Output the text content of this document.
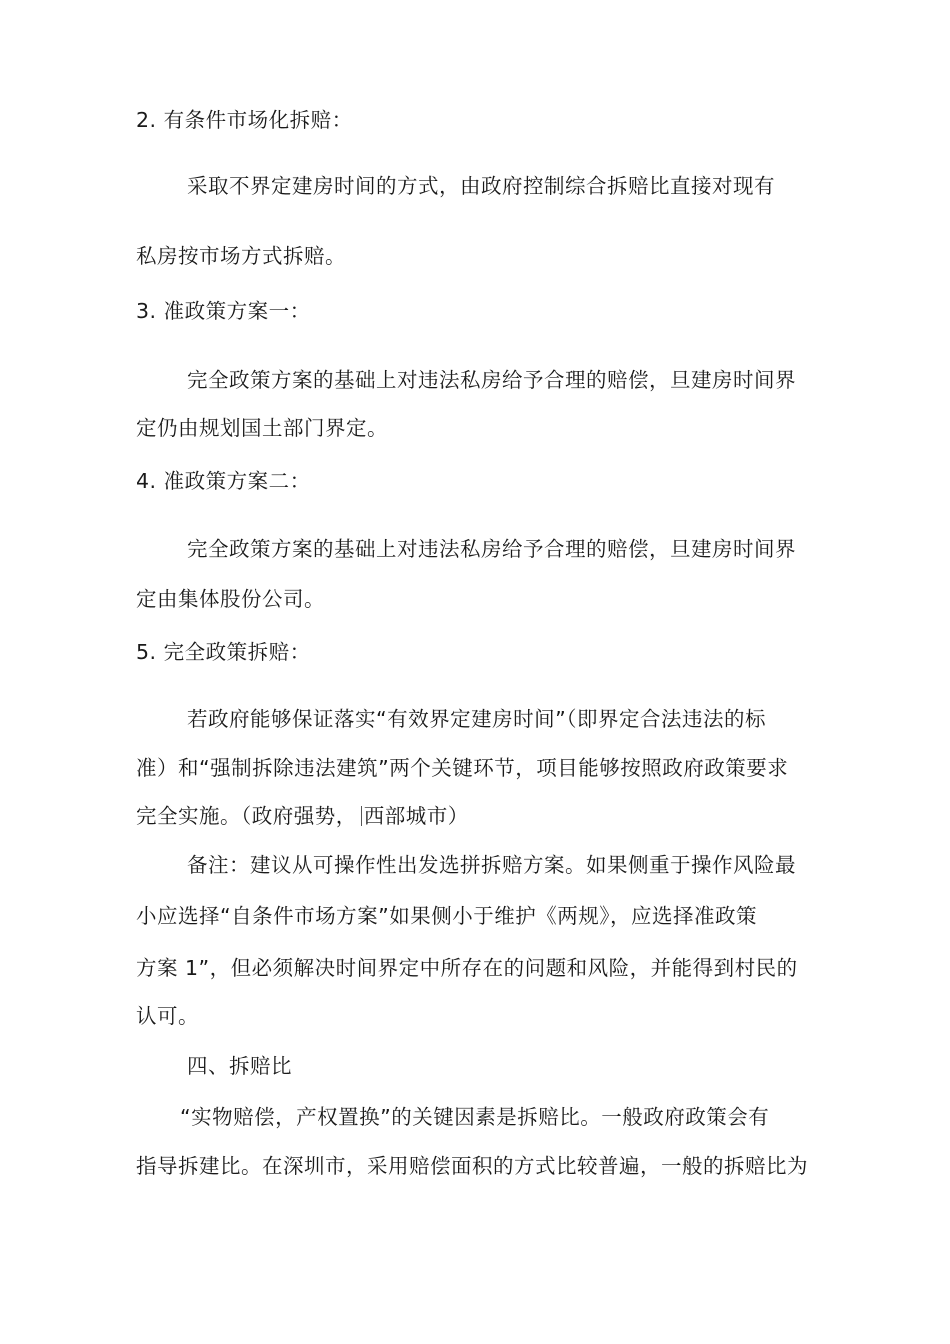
2. 有条件市场化拆赔：
采取不界定建房时间的方式，由政府控制综合拆赔比直接对现有
私房按市场方式拆赔。
3. 准政策方案一：
完全政策方案的基础上对违法私房给予合理的赔偿，旦建房时间界
定仍由规划国土部门界定。
4. 准政策方案二：
完全政策方案的基础上对违法私房给予合理的赔偿，旦建房时间界
定由集体股份公司。
5. 完全政策拆赔：
若政府能够保证落实“有效界定建房时间”（即界定合法违法的标
准）和“强制拆除违法建筑”两个关键环节，项目能够按照政府政策要求
完全实施。（政府强势， 西部城市）
备注：建议从可操作性出发选拼拆赔方案。如果侧重于操作风险最
小应选择“自条件市场方案”如果侧小于维护《两规》，应选择准政策
方案 1”，但必须解决时间界定中所存在的问题和风险，并能得到村民的
认可。
四、拆赔比
“实物赔偿，产权置换”的关键因素是拆赔比。一般政府政策会有
指导拆建比。在深圳市，采用赔偿面积的方式比较普遍，一般的拆赔比为
